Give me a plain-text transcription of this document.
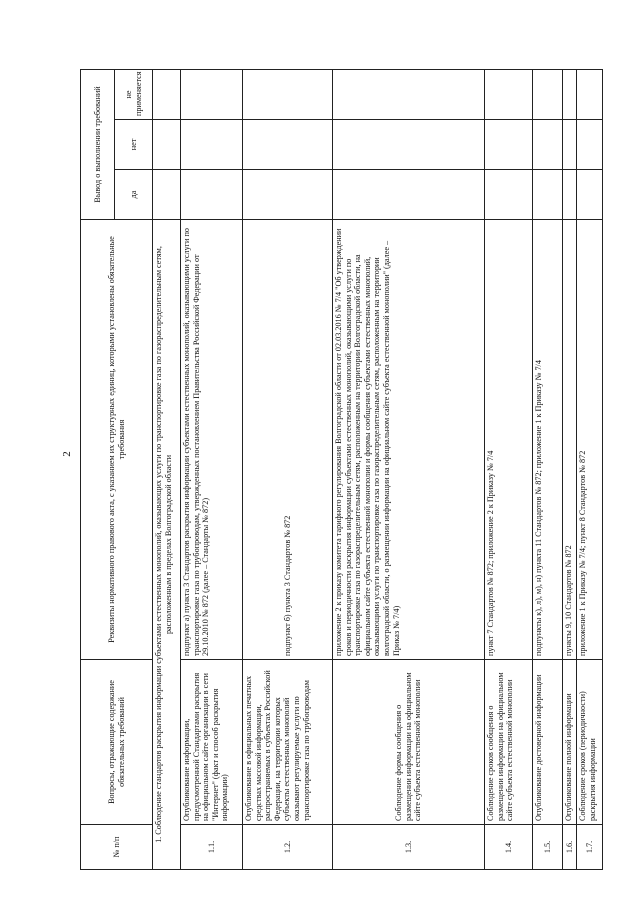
2
№ п/п	Вопросы, отражающие содержание обязательных требований	Реквизиты нормативного правового акта, с указанием их структурных единиц, которыми установлены обязательные требования	Вывод о выполнении требований		
			да	нет	не применяется
1. Соблюдение стандартов раскрытия информации субъектами естественных монополий, оказывающих услуги по транспортировке газа по газораспределительным сетям, расположенным в пределах Волгоградской области					
1.1.	Опубликование информации, предусмотренной Стандартами раскрытия на официальном сайте организации в сети "Интернет" (факт и способ раскрытия информации)	подпункт а) пункта 3 Стандартов раскрытия информации субъектами естественных монополий, оказывающими услуги по транспортировке газа по трубопроводам, утвержденных постановлением Правительства Российской Федерации от 29.10.2010 № 872 (далее – Стандарты № 872)			
1.2.	Опубликование в официальных печатных средствах массовой информации, распространяемых в субъектах Российской Федерации, на территории которых субъекты естественных монополий оказывают регулируемые услуги по транспортировке газа по трубопроводам	подпункт б) пункта 3 Стандартов № 872			
1.3.	Соблюдение формы сообщения о размещении информации на официальном сайте субъекта естественной монополии	приложение 2 к приказу комитета тарифного регулирования Волгоградской области от 02.03.2016 № 7/4 "Об утверждении сроков и периодичности раскрытия информации субъектами естественных монополий, оказывающими услуги по транспортировке газа по газораспределительным сетям, расположенным на территории Волгоградской области, на официальном сайте субъекта естественной монополии и формы сообщения субъектами естественных монополий, оказывающими услуги по транспортировке газа по газораспределительным сетям, расположенным на территории волгоградской области, о размещении информации на официальном сайте субъекта естественной монополии" (далее – Приказ № 7/4)			
1.4.	Соблюдение сроков сообщения о размещении информации на официальном сайте субъекта естественной монополии	пункт 7 Стандартов № 872; приложение 2 к Приказу № 7/4			
1.5.	Опубликование достоверной информации	подпункты к), л), м), н) пункта 11 Стандартов № 872; приложение 1 к Приказу № 7/4			
1.6.	Опубликование полной информации	пункты 9, 10 Стандартов № 872			
1.7.	Соблюдение сроков (периодичности) раскрытия информации	приложение 1 к Приказу № 7/4; пункт 8 Стандартов № 872			
